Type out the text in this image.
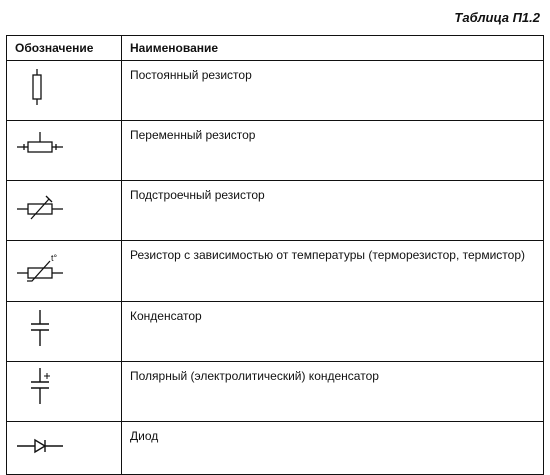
Таблица П1.2
Обозначение	Наименование

	Постоянный резистор

	Переменный резистор

	Подстроечный резистор

t°	Резистор с зависимостью от температуры (терморезистор, термистор)

	Конденсатор

	Полярный (электролитический) конденсатор

	Диод
